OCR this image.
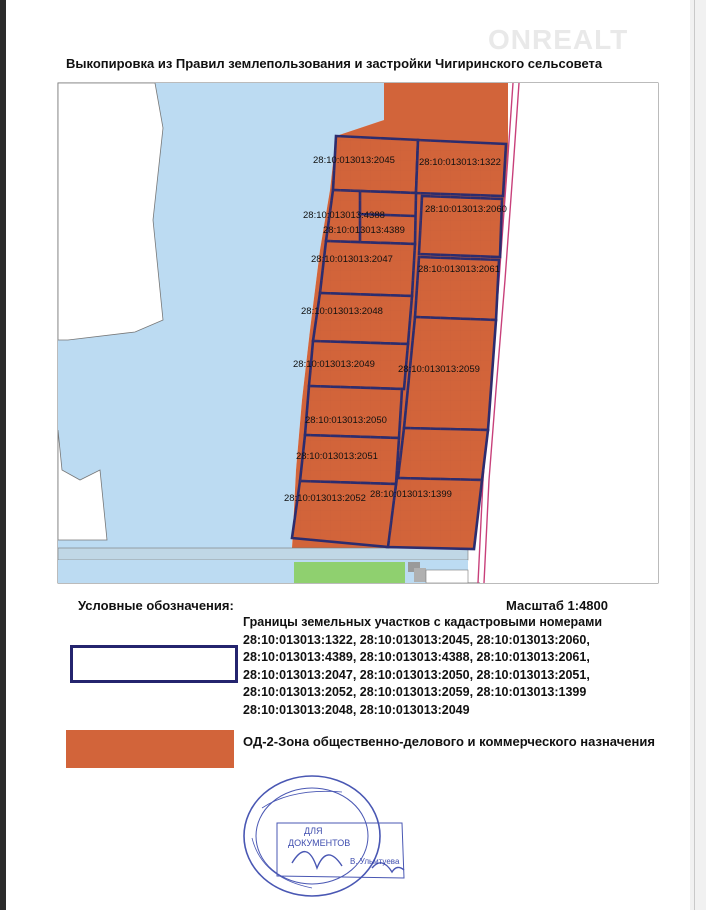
ONREALT
Выкопировка из Правил землепользования и застройки Чигиринского сельсовета
28:10:013013:2045	28:10:013013:1322
28:10:013013:4388
28:10:013013:4389
28:10:013013:2060
28:10:013013:2047
28:10:013013:2061
28:10:013013:2048
28:10:013013:2049 28:10:013013:2059
28:10:013013:2050
28:10:013013:2051
28:10:013013:1399
28:10:013013:2052
Условные обозначения:	Масштаб 1:4800
Границы земельных участков с кадастровыми номерами
28:10:013013:1322, 28:10:013013:2045, 28:10:013013:2060,
28:10:013013:4389, 28:10:013013:4388, 28:10:013013:2061,
28:10:013013:2047, 28:10:013013:2050, 28:10:013013:2051,
28:10:013013:2052, 28:10:013013:2059, 28:10:013013:1399
28:10:013013:2048, 28:10:013013:2049
ОД-2-Зона общественно-делового и коммерческого назначения
ДЛЯ
ДОКУМЕНТОВ
В. Ульмтуева
